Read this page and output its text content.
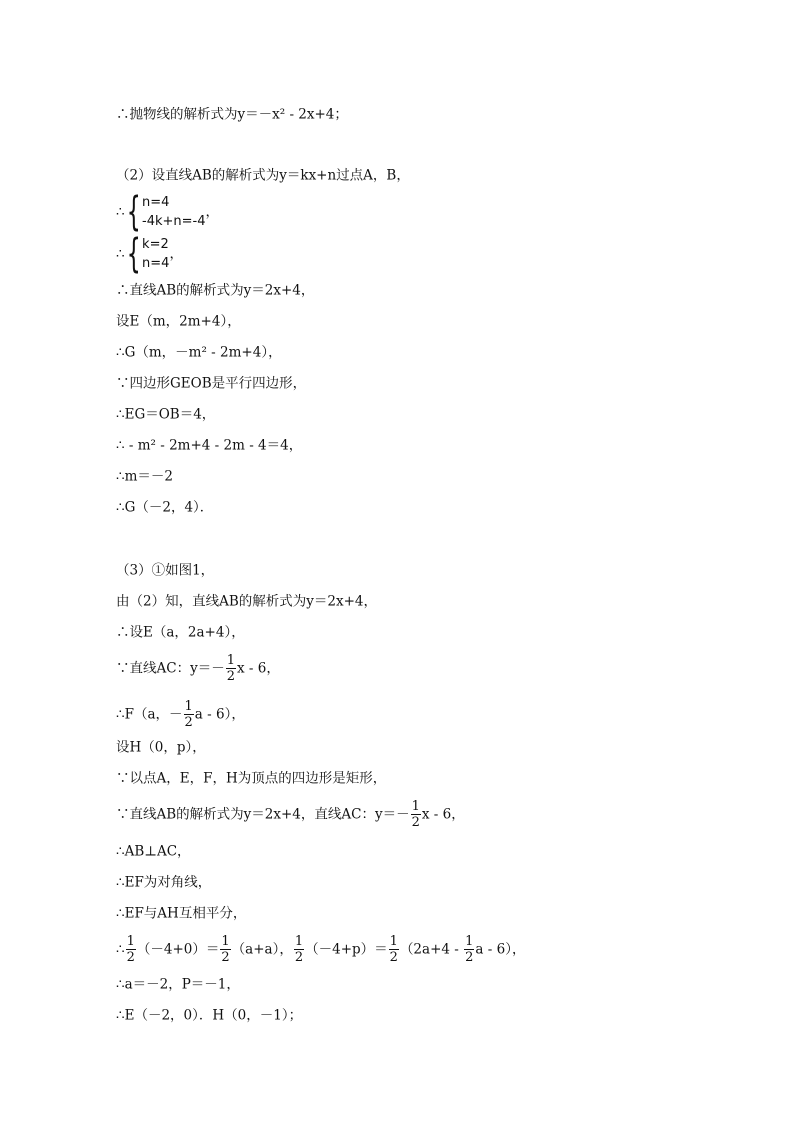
∴抛物线的解析式为y＝－x² - 2x+4；
（2）设直线AB的解析式为y＝kx+n过点A，B，
∴ { n=4
-4k+n=-4
，
∴ { k=2
n=4
，
∴直线AB的解析式为y＝2x+4，
设E（m，2m+4），
∴G（m，－m² - 2m+4），
∵四边形GEOB是平行四边形，
∴EG＝OB＝4，
∴ - m² - 2m+4 - 2m - 4＝4，
∴m＝－2
∴G（－2，4）．
（3）①如图1，
由（2）知，直线AB的解析式为y＝2x+4，
∴设E（a，2a+4），
∵直线AC：$y=- \frac{1}{2}$ x - 6，
∴F（a，－ $\frac{1}{2}$ a - 6），
设H（0，p），
∵以点A，E，F，H为顶点的四边形是矩形，
∵直线AB的解析式为y＝2x+4，直线AC：$y=- \frac{1}{2}$ x - 6，
∴AB⊥AC，
∴EF为对角线，
∴EF与AH互相平分，
∴ $\frac{1}{2} (-4+0)= \frac{1}{2} (a+a)$， $\frac{1}{2} (-4+p)= \frac{1}{2} (2a+4 - \frac{1}{2}$ a - 6），
∴a＝－2，P＝－1，
∴E（－2，0）．H（0，－1）；
